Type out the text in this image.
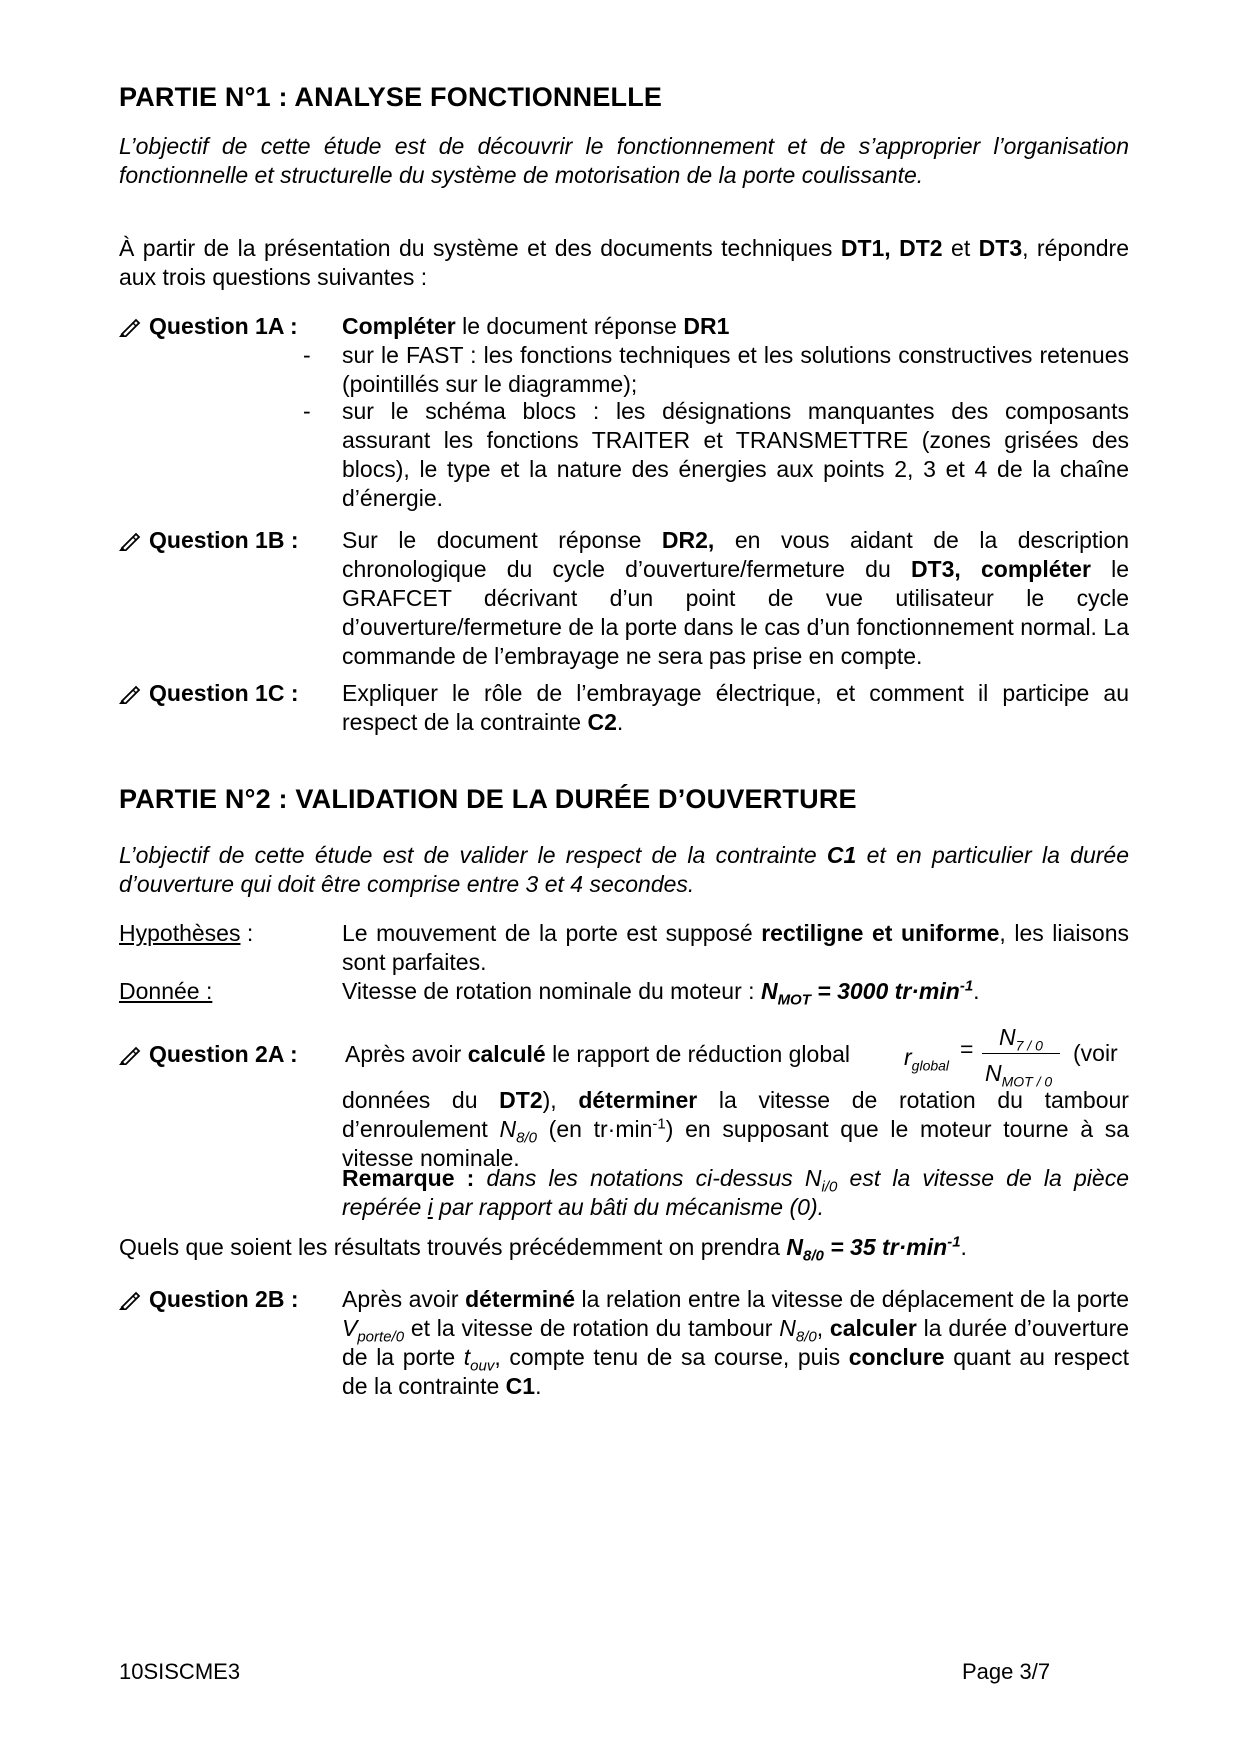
PARTIE N°1 : ANALYSE FONCTIONNELLE
L’objectif de cette étude est de découvrir le fonctionnement et de s’approprier l’organisation fonctionnelle et structurelle du système de motorisation de la porte coulissante.
À partir de la présentation du système et des documents techniques DT1, DT2 et DT3, répondre aux trois questions suivantes :
Question 1A : Compléter le document réponse DR1
- sur le FAST : les fonctions techniques et les solutions constructives retenues (pointillés sur le diagramme);
- sur le schéma blocs : les désignations manquantes des composants assurant les fonctions TRAITER et TRANSMETTRE (zones grisées des blocs), le type et la nature des énergies aux points 2, 3 et 4 de la chaîne d’énergie.
Question 1B : Sur le document réponse DR2, en vous aidant de la description chronologique du cycle d’ouverture/fermeture du DT3, compléter le GRAFCET décrivant d’un point de vue utilisateur le cycle d’ouverture/fermeture de la porte dans le cas d’un fonctionnement normal. La commande de l’embrayage ne sera pas prise en compte.
Question 1C : Expliquer le rôle de l’embrayage électrique, et comment il participe au respect de la contrainte C2.
PARTIE N°2 : VALIDATION DE LA DURÉE D’OUVERTURE
L’objectif de cette étude est de valider le respect de la contrainte C1 et en particulier la durée d’ouverture qui doit être comprise entre 3 et 4 secondes.
Hypothèses :	Le mouvement de la porte est supposé rectiligne et uniforme, les liaisons sont parfaites.
Donnée :	Vitesse de rotation nominale du moteur : $N_{MOT} = 3000$ $tr\cdot\min^{-1}$.
Question 2A : Après avoir calculé le rapport de réduction global	$r_{global}$
= $N_{7 / 0}$
$N_{MOT / 0}$
(voir
données du DT2), déterminer la vitesse de rotation du tambour d’enroulement $N_{8/0}$ (en $tr\cdot\min^{-1}$) en supposant que le moteur tourne à sa vitesse nominale.
Remarque : dans les notations ci-dessus $N_{i/0}$ est la vitesse de la pièce repérée i par rapport au bâti du mécanisme (0).
Quels que soient les résultats trouvés précédemment on prendra $N_{8/0} = 35$ $tr\cdot\min^{-1}$.
Question 2B : Après avoir déterminé la relation entre la vitesse de déplacement de la porte $V_{porte/0}$ et la vitesse de rotation du tambour $N_{8/0}$, calculer la durée d’ouverture de la porte $t_{ouv}$, compte tenu de sa course, puis conclure quant au respect de la contrainte C1.
10SISCME3	Page 3/7
